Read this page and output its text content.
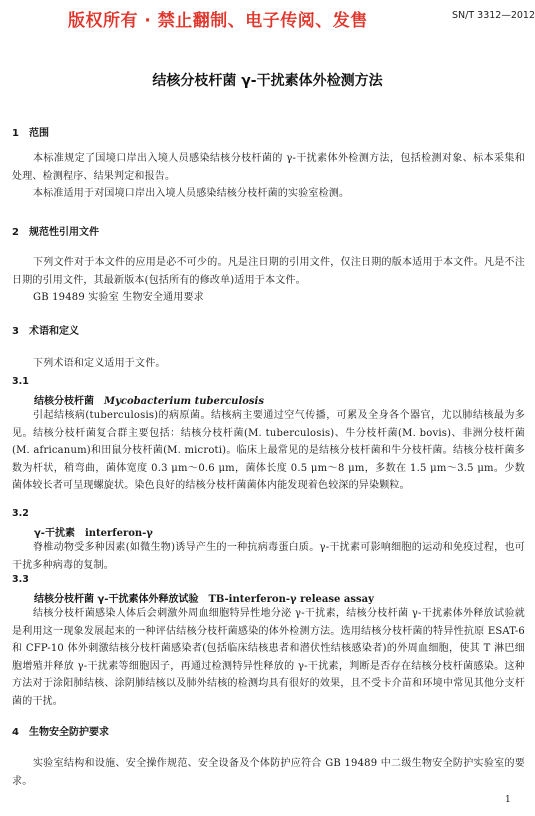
版权所有 · 禁止翻制、电子传阅、发售	SN/T 3312—2012
结核分枝杆菌 γ-干扰素体外检测方法
1 范围
本标准规定了国境口岸出入境人员感染结核分枝杆菌的 γ-干扰素体外检测方法，包括检测对象、标本采集和处理、检测程序、结果判定和报告。
本标准适用于对国境口岸出入境人员感染结核分枝杆菌的实验室检测。
2 规范性引用文件
下列文件对于本文件的应用是必不可少的。凡是注日期的引用文件，仅注日期的版本适用于本文件。凡是不注日期的引用文件，其最新版本(包括所有的修改单)适用于本文件。
GB 19489 实验室 生物安全通用要求
3 术语和定义
下列术语和定义适用于文件。
3.1
结核分枝杆菌 Mycobacterium tuberculosis
引起结核病(tuberculosis)的病原菌。结核病主要通过空气传播，可累及全身各个器官，尤以肺结核最为多见。结核分枝杆菌复合群主要包括：结核分枝杆菌(M. tuberculosis)、牛分枝杆菌(M. bovis)、非洲分枝杆菌(M. africanum)和田鼠分枝杆菌(M. microti)。临床上最常见的是结核分枝杆菌和牛分枝杆菌。结核分枝杆菌多数为杆状，稍弯曲，菌体宽度 0.3 μm～0.6 μm，菌体长度 0.5 μm～8 μm，多数在 1.5 μm～3.5 μm。少数菌体较长者可呈现螺旋状。染色良好的结核分枝杆菌菌体内能发现着色较深的异染颗粒。
3.2
γ-干扰素 interferon-γ
脊椎动物受多种因素(如微生物)诱导产生的一种抗病毒蛋白质。γ-干扰素可影响细胞的运动和免疫过程，也可干扰多种病毒的复制。
3.3
结核分枝杆菌 γ-干扰素体外释放试验 TB-interferon-γ release assay
结核分枝杆菌感染人体后会刺激外周血细胞特异性地分泌 γ-干扰素，结核分枝杆菌 γ-干扰素体外释放试验就是利用这一现象发展起来的一种评估结核分枝杆菌感染的体外检测方法。选用结核分枝杆菌的特异性抗原 ESAT-6 和 CFP-10 体外刺激结核分枝杆菌感染者(包括临床结核患者和潜伏性结核感染者)的外周血细胞，使其 T 淋巴细胞增殖并释放 γ-干扰素等细胞因子，再通过检测特异性释放的 γ-干扰素，判断是否存在结核分枝杆菌感染。这种方法对于涂阳肺结核、涂阴肺结核以及肺外结核的检测均具有很好的效果，且不受卡介苗和环境中常见其他分支杆菌的干扰。
4 生物安全防护要求
实验室结构和设施、安全操作规范、安全设备及个体防护应符合 GB 19489 中二级生物安全防护实验室的要求。
1
